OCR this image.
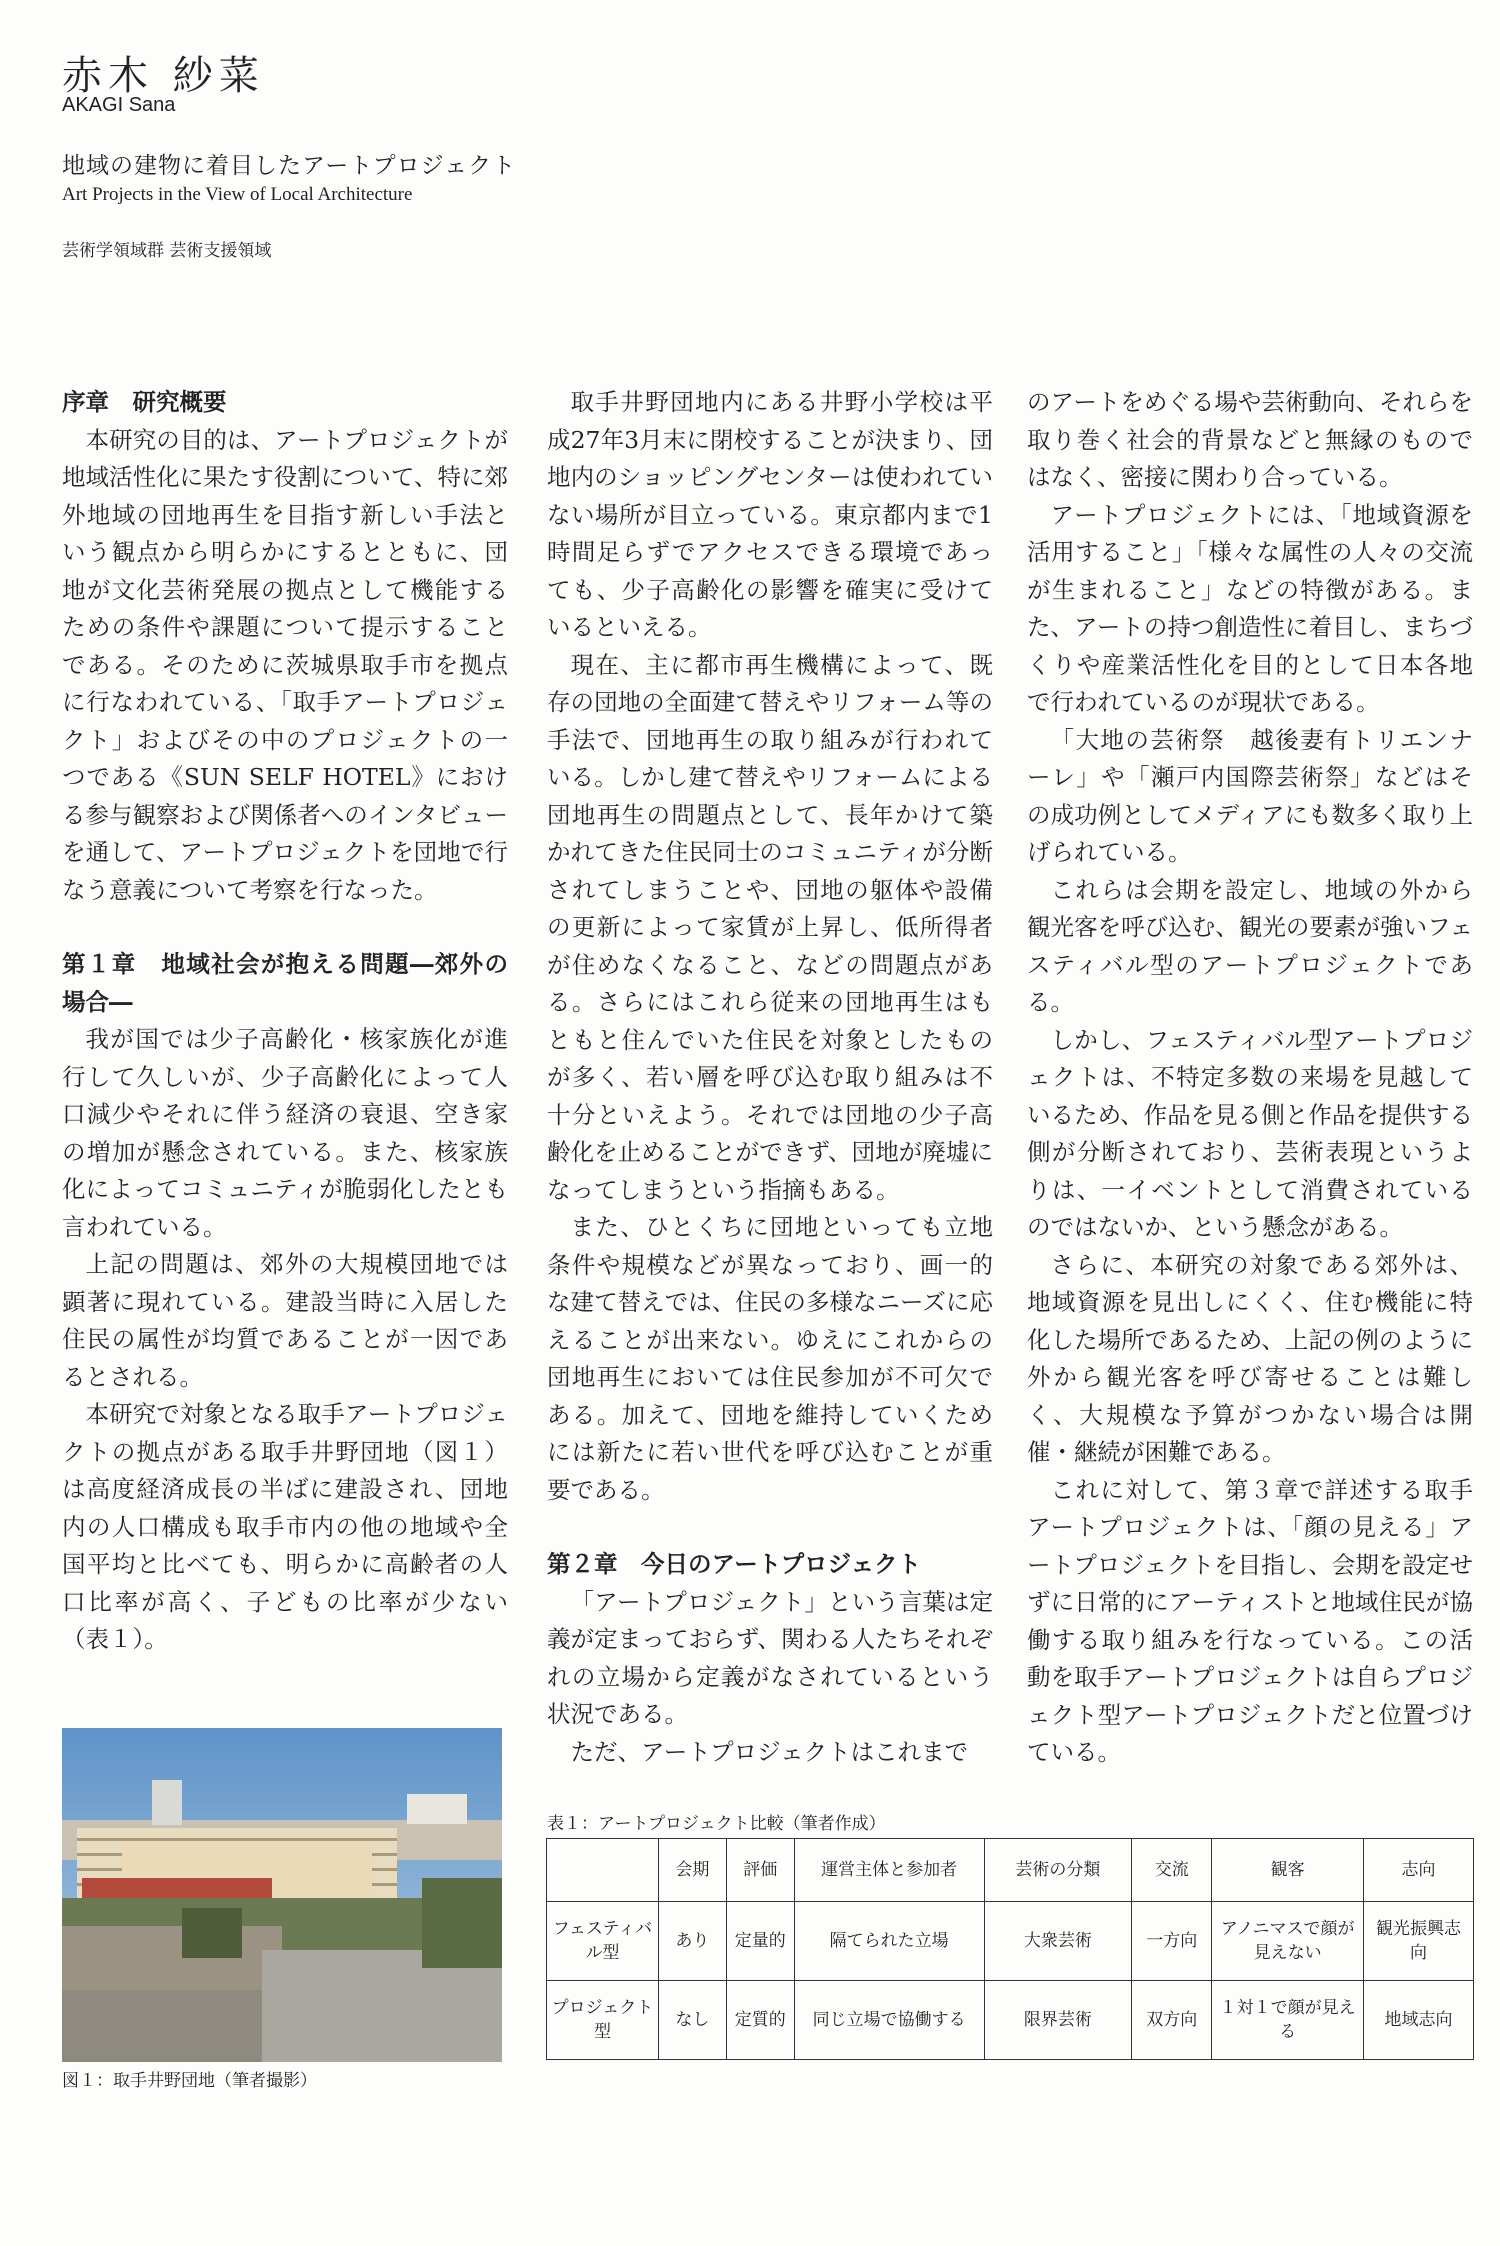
赤木 紗菜
AKAGI Sana
地域の建物に着目したアートプロジェクト
Art Projects in the View of Local Architecture
芸術学領域群 芸術支援領域
序章　研究概要

本研究の目的は、アートプロジェクトが地域活性化に果たす役割について、特に郊外地域の団地再生を目指す新しい手法という観点から明らかにするとともに、団地が文化芸術発展の拠点として機能するための条件や課題について提示することである。そのために茨城県取手市を拠点に行なわれている、「取手アートプロジェクト」およびその中のプロジェクトの一つである《SUN SELF HOTEL》における参与観察および関係者へのインタビューを通して、アートプロジェクトを団地で行なう意義について考察を行なった。

第１章　地域社会が抱える問題―郊外の場合―

我が国では少子高齢化・核家族化が進行して久しいが、少子高齢化によって人口減少やそれに伴う経済の衰退、空き家の増加が懸念されている。また、核家族化によってコミュニティが脆弱化したとも言われている。

上記の問題は、郊外の大規模団地では顕著に現れている。建設当時に入居した住民の属性が均質であることが一因であるとされる。

本研究で対象となる取手アートプロジェクトの拠点がある取手井野団地（図１）は高度経済成長の半ばに建設され、団地内の人口構成も取手市内の他の地域や全国平均と比べても、明らかに高齢者の人口比率が高く、子どもの比率が少ない（表１）。

取手井野団地内にある井野小学校は平成27年3月末に閉校することが決まり、団地内のショッピングセンターは使われていない場所が目立っている。東京都内まで1時間足らずでアクセスできる環境であっても、少子高齢化の影響を確実に受けているといえる。

現在、主に都市再生機構によって、既存の団地の全面建て替えやリフォーム等の手法で、団地再生の取り組みが行われている。しかし建て替えやリフォームによる団地再生の問題点として、長年かけて築かれてきた住民同士のコミュニティが分断されてしまうことや、団地の躯体や設備の更新によって家賃が上昇し、低所得者が住めなくなること、などの問題点がある。さらにはこれら従来の団地再生はもともと住んでいた住民を対象としたものが多く、若い層を呼び込む取り組みは不十分といえよう。それでは団地の少子高齢化を止めることができず、団地が廃墟になってしまうという指摘もある。

また、ひとくちに団地といっても立地条件や規模などが異なっており、画一的な建て替えでは、住民の多様なニーズに応えることが出来ない。ゆえにこれからの団地再生においては住民参加が不可欠である。加えて、団地を維持していくためには新たに若い世代を呼び込むことが重要である。

第２章　今日のアートプロジェクト

「アートプロジェクト」という言葉は定義が定まっておらず、関わる人たちそれぞれの立場から定義がなされているという状況である。

ただ、アートプロジェクトはこれまで

のアートをめぐる場や芸術動向、それらを取り巻く社会的背景などと無縁のものではなく、密接に関わり合っている。

アートプロジェクトには、「地域資源を活用すること」「様々な属性の人々の交流が生まれること」などの特徴がある。また、アートの持つ創造性に着目し、まちづくりや産業活性化を目的として日本各地で行われているのが現状である。

「大地の芸術祭　越後妻有トリエンナーレ」や「瀬戸内国際芸術祭」などはその成功例としてメディアにも数多く取り上げられている。

これらは会期を設定し、地域の外から観光客を呼び込む、観光の要素が強いフェスティバル型のアートプロジェクトである。

しかし、フェスティバル型アートプロジェクトは、不特定多数の来場を見越しているため、作品を見る側と作品を提供する側が分断されており、芸術表現というよりは、一イベントとして消費されているのではないか、という懸念がある。

さらに、本研究の対象である郊外は、地域資源を見出しにくく、住む機能に特化した場所であるため、上記の例のように外から観光客を呼び寄せることは難しく、大規模な予算がつかない場合は開催・継続が困難である。

これに対して、第３章で詳述する取手アートプロジェクトは、「顔の見える」アートプロジェクトを目指し、会期を設定せずに日常的にアーティストと地域住民が協働する取り組みを行なっている。この活動を取手アートプロジェクトは自らプロジェクト型アートプロジェクトだと位置づけている。

図１：取手井野団地（筆者撮影）
表１：アートプロジェクト比較（筆者作成）
	会期	評価	運営主体と参加者	芸術の分類	交流	観客	志向
フェスティバル型	あり	定量的	隔てられた立場	大衆芸術	一方向	アノニマスで顔が見えない	観光振興志向
プロジェクト型	なし	定質的	同じ立場で協働する	限界芸術	双方向	１対１で顔が見える	地域志向
